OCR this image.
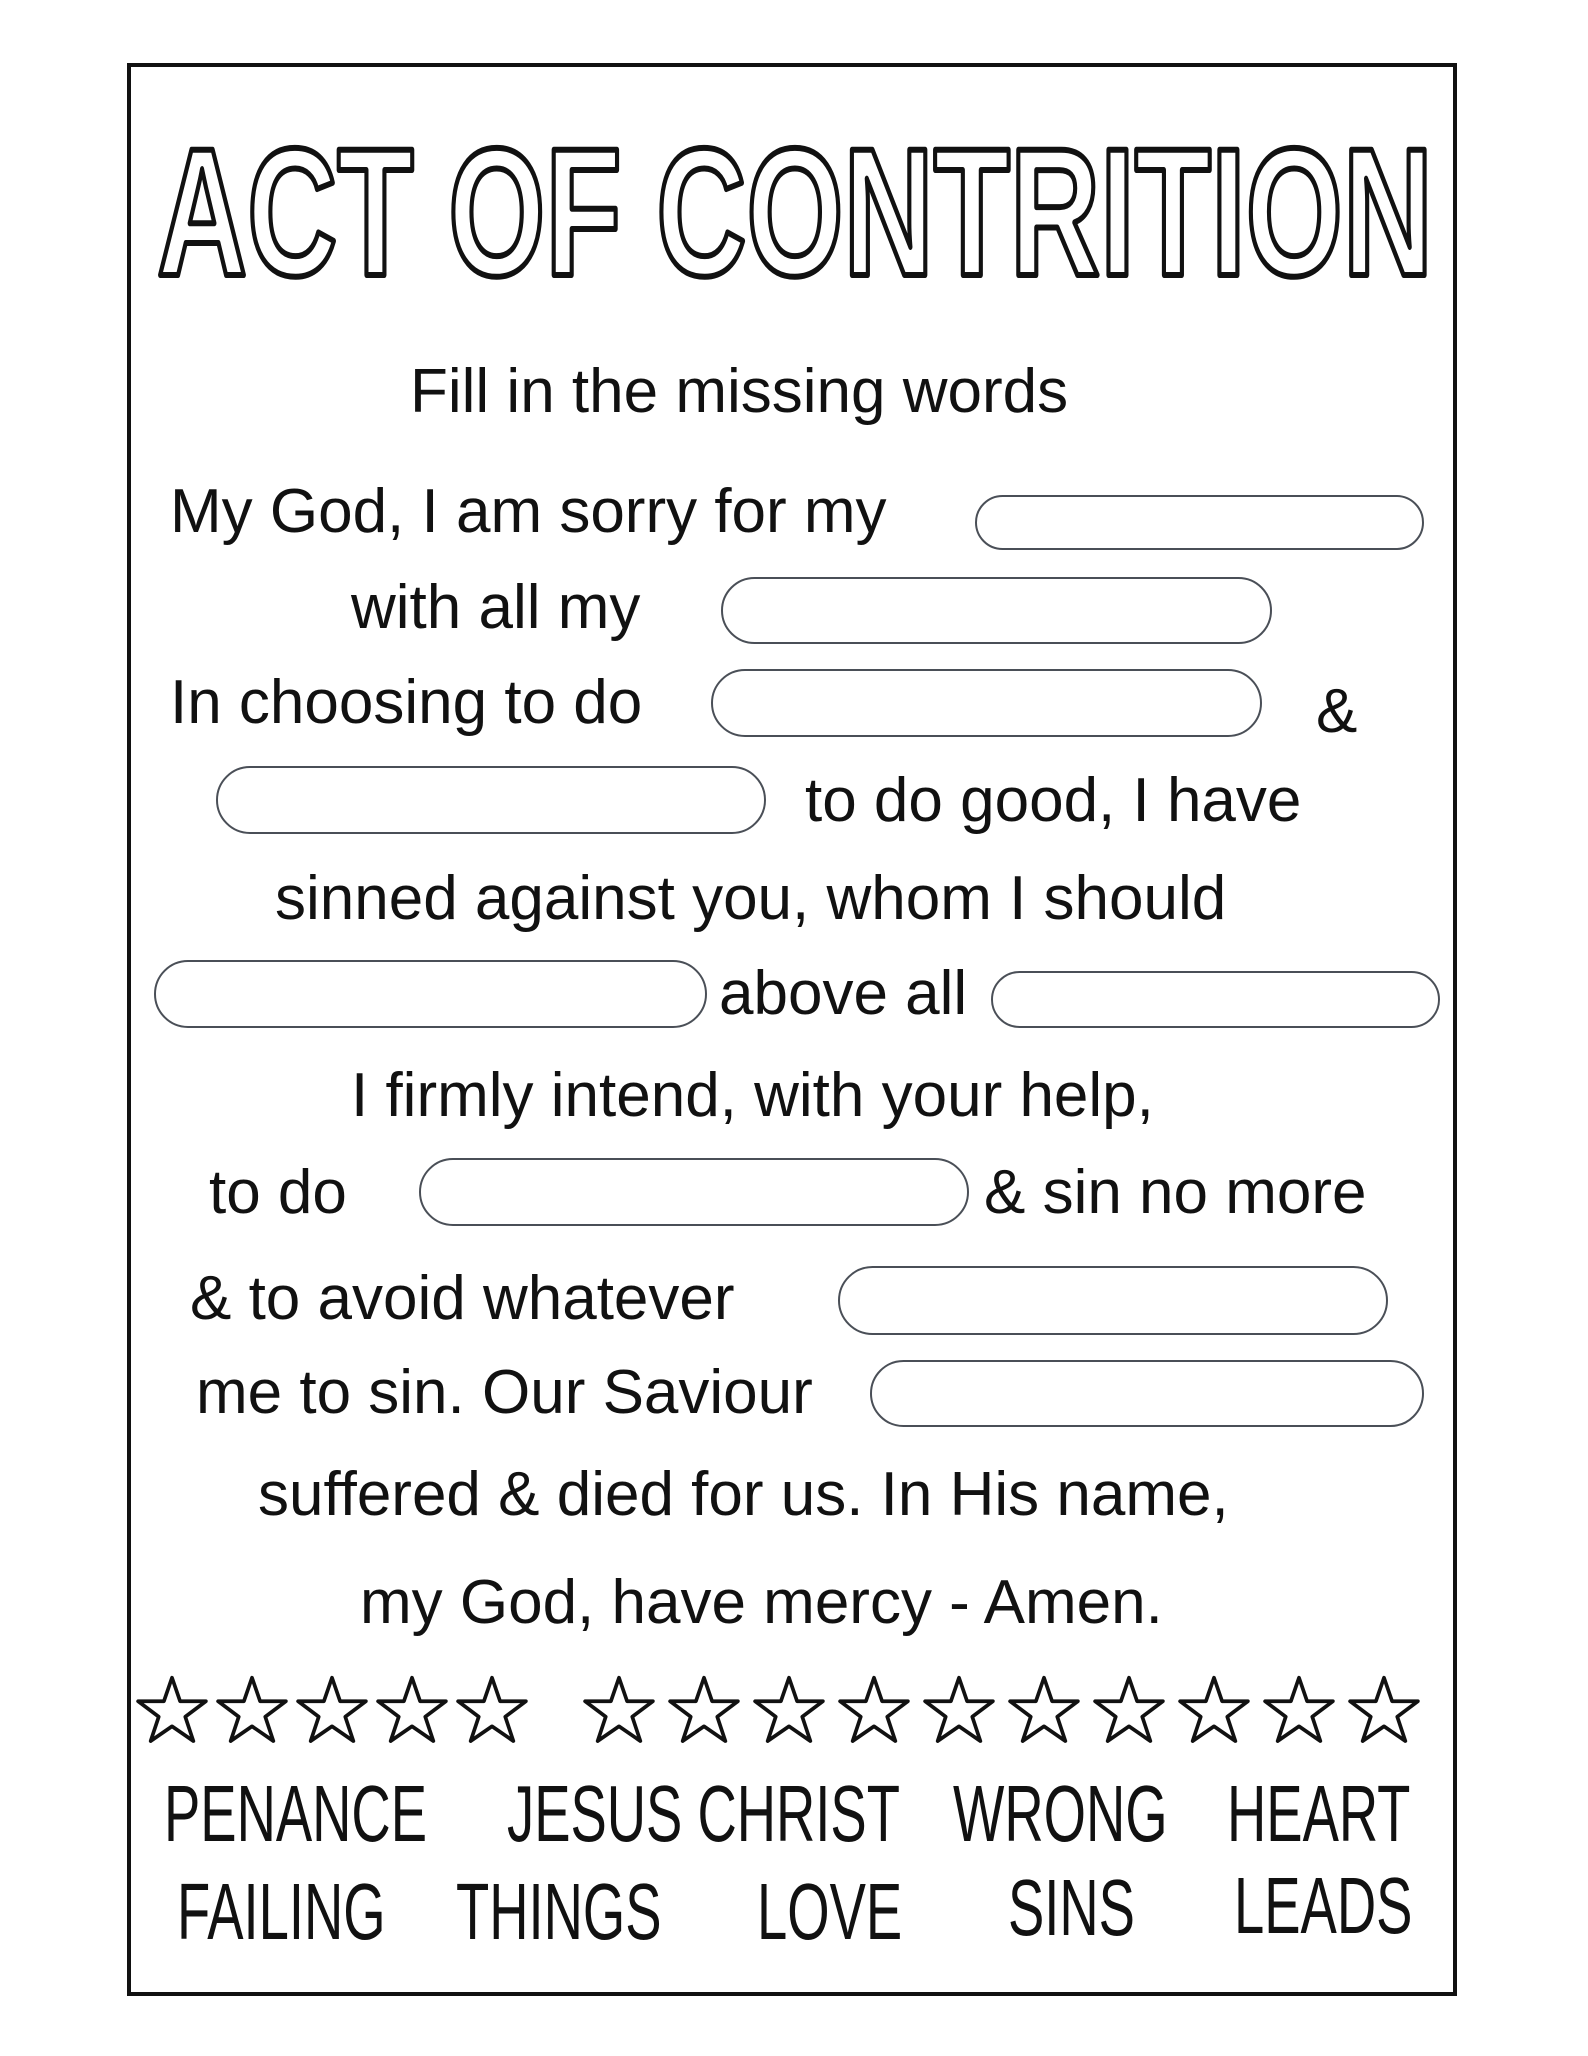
ACT OF CONTRITION
Fill in the missing words
My God, I am sorry for my
with all my
In choosing to do	&
to do good, I have
sinned against you, whom I should
above all
I firmly intend, with your help,
to do	& sin no more
& to avoid whatever
me to sin. Our Saviour
suffered & died for us. In His name,
my God, have mercy - Amen.
PENANCE JESUS CHRIST WRONG HEART
FAILING THINGS LOVE SINS LEADS
